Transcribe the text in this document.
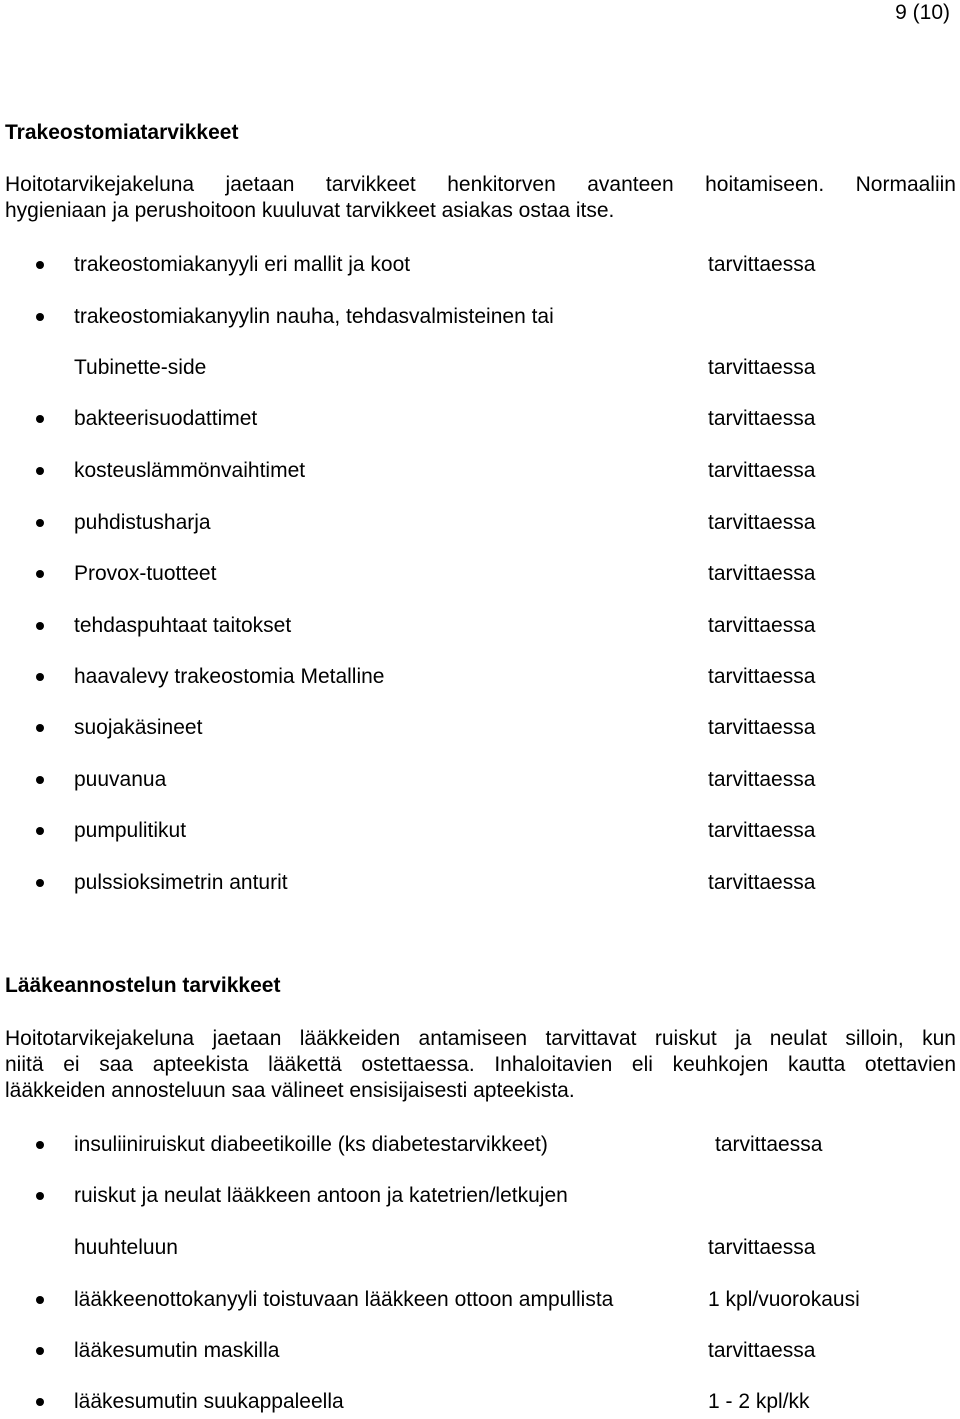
9 (10)
Trakeostomiatarvikkeet
Hoitotarvikejakeluna jaetaan tarvikkeet henkitorven avanteen hoitamiseen. Normaaliin
hygieniaan ja perushoitoon kuuluvat tarvikkeet asiakas ostaa itse.
trakeostomiakanyyli eri mallit ja koot	tarvittaessa
trakeostomiakanyylin nauha, tehdasvalmisteinen tai
Tubinette-side	tarvittaessa
bakteerisuodattimet	tarvittaessa
kosteuslämmönvaihtimet	tarvittaessa
puhdistusharja	tarvittaessa
Provox-tuotteet	tarvittaessa
tehdaspuhtaat taitokset	tarvittaessa
haavalevy trakeostomia Metalline	tarvittaessa
suojakäsineet	tarvittaessa
puuvanua	tarvittaessa
pumpulitikut	tarvittaessa
pulssioksimetrin anturit	tarvittaessa
Lääkeannostelun tarvikkeet
Hoitotarvikejakeluna jaetaan lääkkeiden antamiseen tarvittavat ruiskut ja neulat silloin, kun
niitä ei saa apteekista lääkettä ostettaessa. Inhaloitavien eli keuhkojen kautta otettavien
lääkkeiden annosteluun saa välineet ensisijaisesti apteekista.
insuliiniruiskut diabeetikoille (ks diabetestarvikkeet)	tarvittaessa
ruiskut ja neulat lääkkeen antoon ja katetrien/letkujen
huuhteluun	tarvittaessa
lääkkeenottokanyyli toistuvaan lääkkeen ottoon ampullista	1 kpl/vuorokausi
lääkesumutin maskilla	tarvittaessa
lääkesumutin suukappaleella	1 - 2 kpl/kk
